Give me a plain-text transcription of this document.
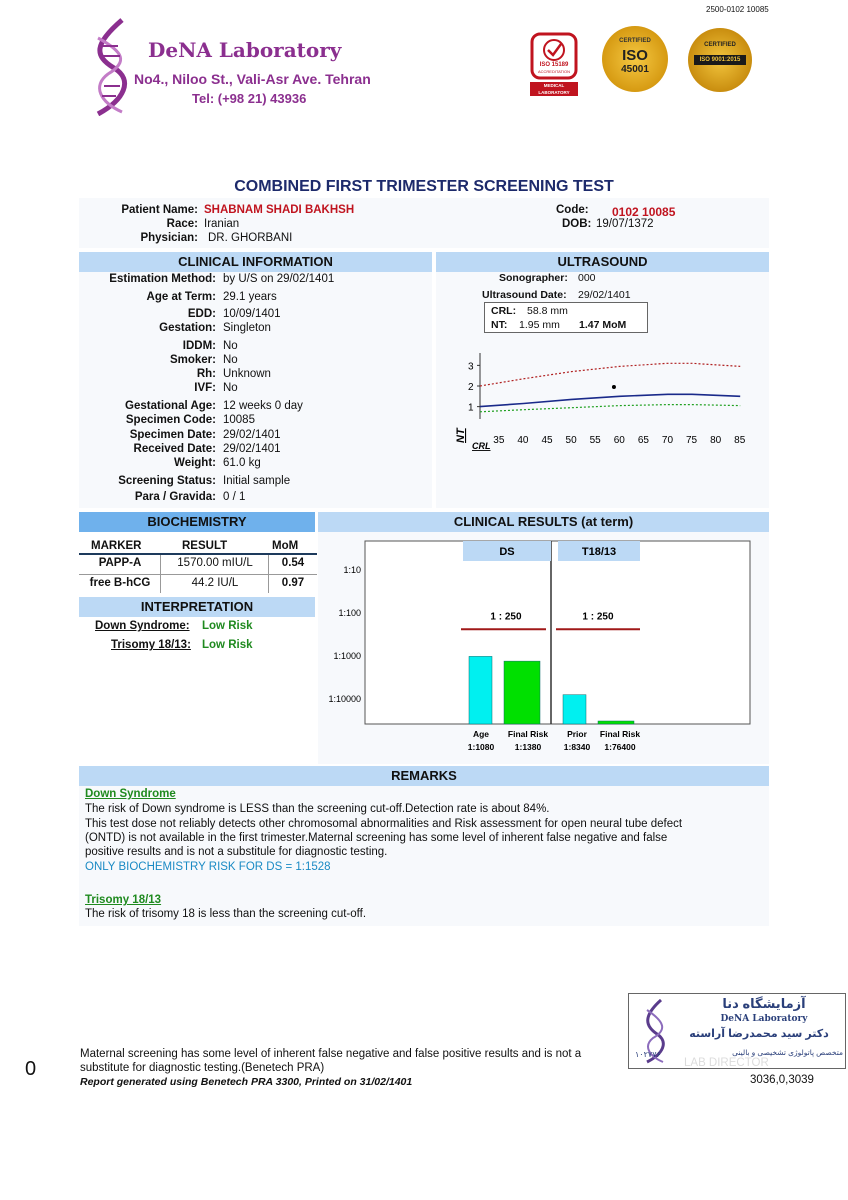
2500-0102 10085
DeNA Laboratory
No4., Niloo St., Vali-Asr Ave. Tehran
Tel: (+98 21) 43936
ISO 15189
ACCREDITATION
MEDICAL LABORATORY
CERTIFIED
ISO
45001
CERTIFIED
ISO 9001:2015
COMBINED FIRST TRIMESTER SCREENING TEST
Patient Name: SHABNAM SHADI BAKHSH
Race: Iranian
Physician: DR. GHORBANI
Code: 0102 10085
DOB: 19/07/1372
CLINICAL INFORMATION
Estimation Method: by U/S on 29/02/1401
Age at Term: 29.1 years
EDD: 10/09/1401
Gestation: Singleton
IDDM: No
Smoker: No
Rh: Unknown
IVF: No
Gestational Age: 12 weeks 0 day
Specimen Code: 10085
Specimen Date: 29/02/1401
Received Date: 29/02/1401
Weight: 61.0 kg
Screening Status: Initial sample
Para / Gravida: 0 / 1
ULTRASOUND
Sonographer: 000
Ultrasound Date: 29/02/1401
CRL: 58.8 mm
NT: 1.95 mm 1.47 MoM
1
2
3
35 40 45 50 55 60 65 70 75 80 85
NT
CRL
BIOCHEMISTRY
MARKER	RESULT	MoM
PAPP-A	1570.00 mIU/L	0.54
free B-hCG	44.2 IU/L	0.97
INTERPRETATION
Down Syndrome: Low Risk
Trisomy 18/13: Low Risk
CLINICAL RESULTS (at term)
1:10
1:100
1:1000
1:10000
DS	T18/13
1 : 250	1 : 250
Age
1:1080
Final Risk
1:1380
Prior
1:8340
Final Risk
1:76400
REMARKS
Down Syndrome
The risk of Down syndrome is LESS than the screening cut-off.Detection rate is about 84%.
This test dose not reliably detects other chromosomal abnormalities and Risk assessment for open neural tube defect
(ONTD) is not available in the first trimester.Maternal screening has some level of inherent false negative and false
positive results and is not a substitule for diagnostic testing.
ONLY BIOCHEMISTRY RISK FOR DS = 1:1528
Trisomy 18/13
The risk of trisomy 18 is less than the screening cut-off.
0
Maternal screening has some level of inherent false negative and false positive results and is not a
substitute for diagnostic testing.(Benetech PRA)
Report generated using Benetech PRA 3300, Printed on 31/02/1401	3036,0,3039
آزمایشگاه دنا
DeNA Laboratory
دکتر سید محمدرضا آراسته
متخصص پاتولوژی تشخیصی و بالینی
۱۰۲۷۷۶
